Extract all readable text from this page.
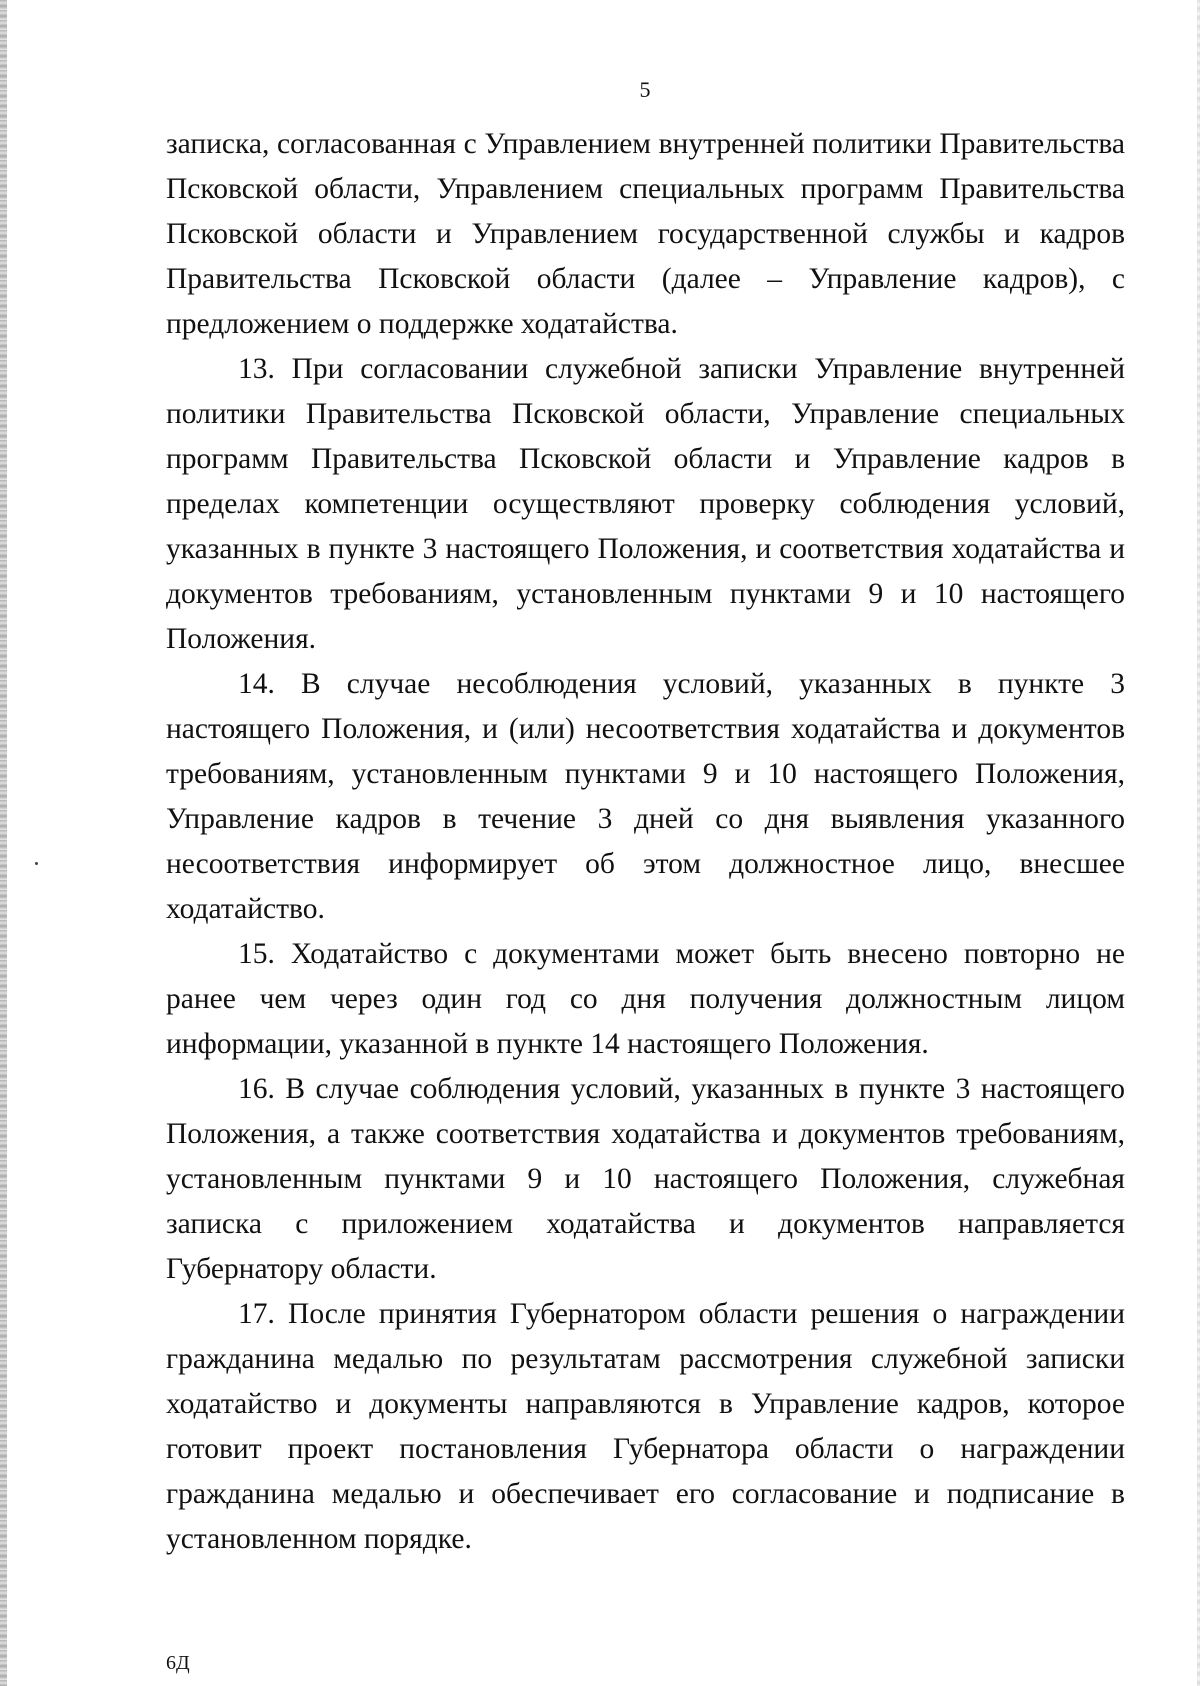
5

записка, согласованная с Управлением внутренней политики Правительства Псковской области, Управлением специальных программ Правительства Псковской области и Управлением государственной службы и кадров Правительства Псковской области (далее – Управление кадров), с предложением о поддержке ходатайства.

13. При согласовании служебной записки Управление внутренней политики Правительства Псковской области, Управление специальных программ Правительства Псковской области и Управление кадров в пределах компетенции осуществляют проверку соблюдения условий, указанных в пункте 3 настоящего Положения, и соответствия ходатайства и документов требованиям, установленным пунктами 9 и 10 настоящего Положения.

14. В случае несоблюдения условий, указанных в пункте 3 настоящего Положения, и (или) несоответствия ходатайства и документов требованиям, установленным пунктами 9 и 10 настоящего Положения, Управление кадров в течение 3 дней со дня выявления указанного несоответствия информирует об этом должностное лицо, внесшее ходатайство.

15. Ходатайство с документами может быть внесено повторно не ранее чем через один год со дня получения должностным лицом информации, указанной в пункте 14 настоящего Положения.

16. В случае соблюдения условий, указанных в пункте 3 настоящего Положения, а также соответствия ходатайства и документов требованиям, установленным пунктами 9 и 10 настоящего Положения, служебная записка с приложением ходатайства и документов направляется Губернатору области.

17. После принятия Губернатором области решения о награждении гражданина медалью по результатам рассмотрения служебной записки ходатайство и документы направляются в Управление кадров, которое готовит проект постановления Губернатора области о награждении гражданина медалью и обеспечивает его согласование и подписание в установленном порядке.

6Д
